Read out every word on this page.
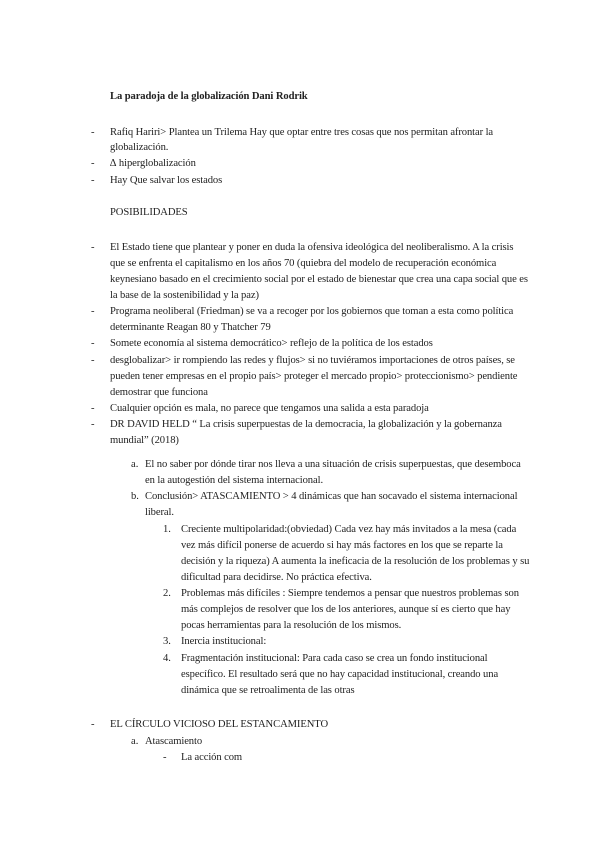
La paradoja de la globalización Dani Rodrik
- Rafiq Hariri> Plantea un Trilema Hay que optar entre tres cosas que nos permitan afrontar la
globalización.
- ∆ hiperglobalización
- Hay Que salvar los estados
POSIBILIDADES
- El Estado tiene que plantear y poner en duda la ofensiva ideológica del neoliberalismo. A la crisis
que se enfrenta el capitalismo en los años 70 (quiebra del modelo de recuperación económica
keynesiano basado en el crecimiento social por el estado de bienestar que crea una capa social que es
la base de la sostenibilidad y la paz)
- Programa neoliberal (Friedman) se va a recoger por los gobiernos que toman a esta como política
determinante Reagan 80 y Thatcher 79
- Somete economía al sistema democrático> reflejo de la política de los estados
- desglobalizar> ir rompiendo las redes y flujos> si no tuviéramos importaciones de otros países, se
pueden tener empresas en el propio país> proteger el mercado propio> proteccionismo> pendiente
demostrar que funciona
- Cualquier opción es mala, no parece que tengamos una salida a esta paradoja
- DR DAVID HELD “ La crisis superpuestas de la democracia, la globalización y la gobernanza
mundial” (2018)
a. El no saber por dónde tirar nos lleva a una situación de crisis superpuestas, que desemboca
en la autogestión del sistema internacional.
b. Conclusión> ATASCAMIENTO > 4 dinámicas que han socavado el sistema internacional
liberal.
1. Creciente multipolaridad:(obviedad) Cada vez hay más invitados a la mesa (cada
vez más difícil ponerse de acuerdo si hay más factores en los que se reparte la
decisión y la riqueza) A aumenta la ineficacia de la resolución de los problemas y su
dificultad para decidirse. No práctica efectiva.
2. Problemas más difíciles : Siempre tendemos a pensar que nuestros problemas son
más complejos de resolver que los de los anteriores, aunque sí es cierto que hay
pocas herramientas para la resolución de los mismos.
3. Inercia institucional:
4. Fragmentación institucional: Para cada caso se crea un fondo institucional
específico. El resultado será que no hay capacidad institucional, creando una
dinámica que se retroalimenta de las otras
- EL CÍRCULO VICIOSO DEL ESTANCAMIENTO
a. Atascamiento
- La acción com
